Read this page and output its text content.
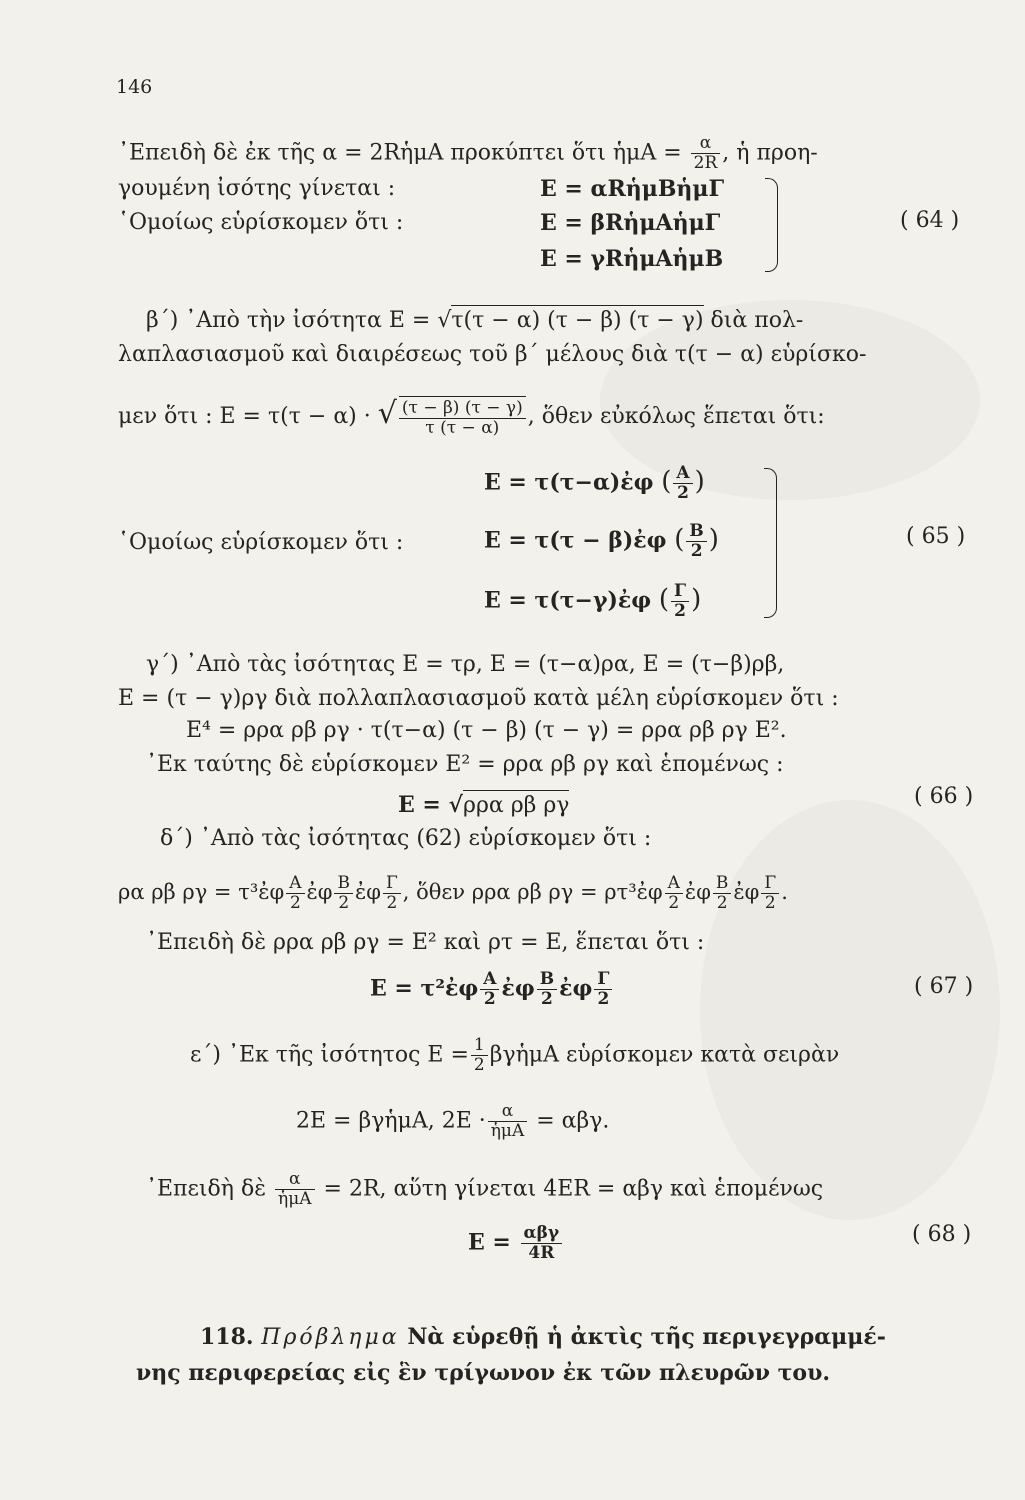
146
᾿Επειδὴ δὲ ἐκ τῆς α = 2RἡμΑ προκύπτει ὅτι ἡμΑ = $\frac{\alpha}{2R}$ , ἡ προη-
γουμένη ἰσότης γίνεται :	E = αRἡμΒἡμΓ
῾Ομοίως εὑρίσκομεν ὅτι :	E = βRἡμΑἡμΓ
E = γRἡμΑἡμΒ
( 64 )
β΄) ᾿Απὸ τὴν ἰσότητα E = √τ(τ − α) (τ − β) (τ − γ) διὰ πολ-
λαπλασιασμοῦ καὶ διαιρέσεως τοῦ β΄ μέλους διὰ τ(τ − α) εὑρίσκο-
μεν ὅτι : E = τ(τ − α) · √ $\frac{(\tau - \beta) (\tau - \gamma)}{\tau (\tau - \alpha)}$ , ὅθεν εὐκόλως ἕπεται ὅτι:
E = τ(τ−α)ἐφ ( $\frac{A}{2}$ )
῾Ομοίως εὑρίσκομεν ὅτι :	E = τ(τ − β)ἐφ ( $\frac{B}{2}$ )
E = τ(τ−γ)ἐφ ( $\frac{\Gamma}{2}$ )
( 65 )
γ΄) ᾿Απὸ τὰς ἰσότητας E = τρ, E = (τ−α)ρα, E = (τ−β)ρβ,
E = (τ − γ)ργ διὰ πολλαπλασιασμοῦ κατὰ μέλη εὑρίσκομεν ὅτι :
E⁴ = ρρα ρβ ργ · τ(τ−α) (τ − β) (τ − γ) = ρρα ρβ ργ E².
᾿Εκ ταύτης δὲ εὑρίσκομεν E² = ρρα ρβ ργ καὶ ἑπομένως :
E = √ρρα ρβ ργ	( 66 )
δ΄) ᾿Απὸ τὰς ἰσότητας (62) εὑρίσκομεν ὅτι :
ρα ρβ ργ = τ³ἐφ $\frac{A}{2}$ ἐφ $\frac{B}{2}$ ἐφ $\frac{\Gamma}{2}$ , ὅθεν ρρα ρβ ργ = ρτ³ἐφ $\frac{A}{2}$ ἐφ $\frac{B}{2}$ ἐφ $\frac{\Gamma}{2}$ .
᾿Επειδὴ δὲ ρρα ρβ ργ = E² καὶ ρτ = E, ἕπεται ὅτι :
E = τ²ἐφ $\frac{A}{2}$ ἐφ $\frac{B}{2}$ ἐφ $\frac{\Gamma}{2}$	( 67 )
ε΄) ᾿Εκ τῆς ἰσότητος $E = \frac{1}{2}$ βγἡμΑ εὑρίσκομεν κατὰ σειρὰν
2E = βγἡμΑ, $2E \cdot \frac{\alpha}{\text{ἡμΑ}} = \alpha\beta\gamma$.
᾿Επειδὴ δὲ $\frac{\alpha}{\text{ἡμΑ}} = 2R$, αὕτη γίνεται 4ER = αβγ καὶ ἑπομένως
$E = \frac{\text{αβγ}}{4R}$	( 68 )
118. Πρόβλημα Νὰ εὑρεθῇ ἡ ἀκτὶς τῆς περιγεγραμμέ-
νης περιφερείας εἰς ἓν τρίγωνον ἐκ τῶν πλευρῶν του.
